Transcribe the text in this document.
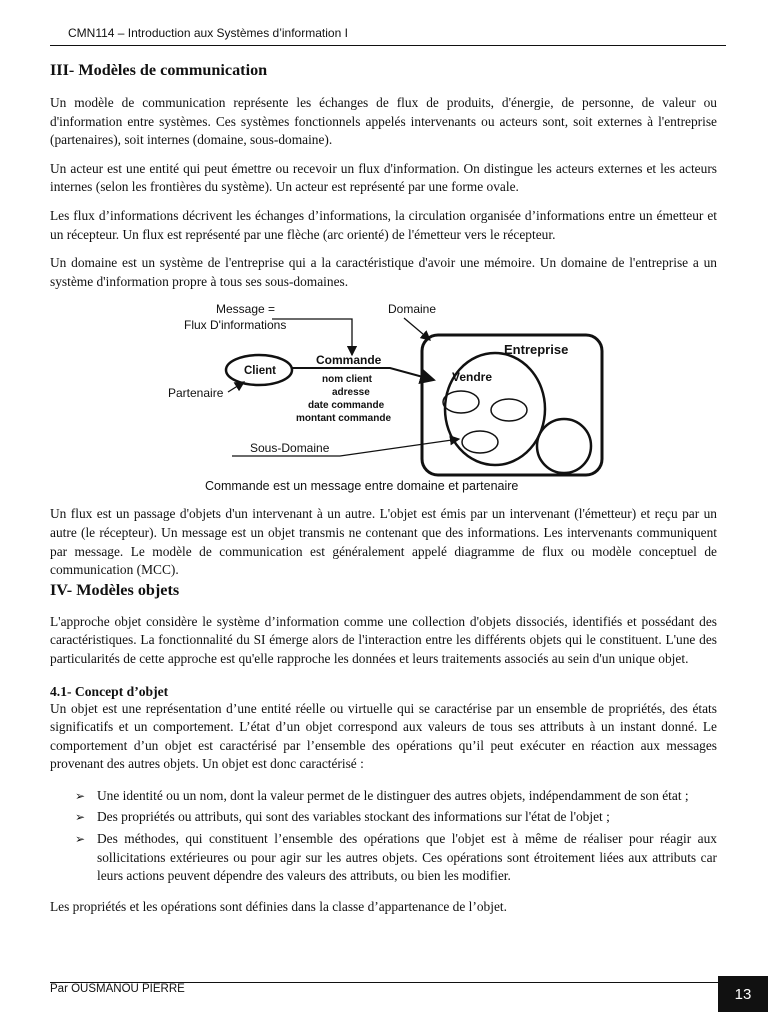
CMN114 – Introduction aux Systèmes d’information I
III- Modèles de communication

Un modèle de communication représente les échanges de flux de produits, d'énergie, de personne, de valeur ou d'information entre systèmes. Ces systèmes fonctionnels appelés intervenants ou acteurs sont, soit externes à l'entreprise (partenaires), soit internes (domaine, sous-domaine).

Un acteur est une entité qui peut émettre ou recevoir un flux d'information. On distingue les acteurs externes et les acteurs internes (selon les frontières du système). Un acteur est représenté par une forme ovale.

Les flux d’informations décrivent les échanges d’informations, la circulation organisée d’informations entre un émetteur et un récepteur. Un flux est représenté par une flèche (arc orienté) de l'émetteur vers le récepteur.

Un domaine est un système de l'entreprise qui a la caractéristique d'avoir une mémoire. Un domaine de l'entreprise a un système d'information propre à tous ses sous-domaines.

Message =
Flux D'informations
Domaine
Entreprise
Vendre
Client
Commande
nom client
adresse
date commande
montant commande
Partenaire
Sous-Domaine
Commande est un message entre domaine et partenaire

Un flux est un passage d'objets d'un intervenant à un autre. L'objet est émis par un intervenant (l'émetteur) et reçu par un autre (le récepteur). Un message est un objet transmis ne contenant que des informations. Les intervenants communiquent par message. Le modèle de communication est généralement appelé diagramme de flux ou modèle conceptuel de communication (MCC).

IV- Modèles objets

L'approche objet considère le système d’information comme une collection d'objets dissociés, identifiés et possédant des caractéristiques. La fonctionnalité du SI émerge alors de l'interaction entre les différents objets qui le constituent. L'une des particularités de cette approche est qu'elle rapproche les données et leurs traitements associés au sein d'un unique objet.

4.1- Concept d’objet

Un objet est une représentation d’une entité réelle ou virtuelle qui se caractérise par un ensemble de propriétés, des états significatifs et un comportement. L’état d’un objet correspond aux valeurs de tous ses attributs à un instant donné. Le comportement d’un objet est caractérisé par l’ensemble des opérations qu’il peut exécuter en réaction aux messages provenant des autres objets. Un objet est donc caractérisé :

➢ Une identité ou un nom, dont la valeur permet de le distinguer des autres objets, indépendamment de son état ;
➢ Des propriétés ou attributs, qui sont des variables stockant des informations sur l'état de l'objet ;
➢ Des méthodes, qui constituent l’ensemble des opérations que l'objet est à même de réaliser pour réagir aux sollicitations extérieures ou pour agir sur les autres objets. Ces opérations sont étroitement liées aux attributs car leurs actions peuvent dépendre des valeurs des attributs, ou bien les modifier.

Les propriétés et les opérations sont définies dans la classe d’appartenance de l’objet.

Par OUSMANOU PIERRE	13
